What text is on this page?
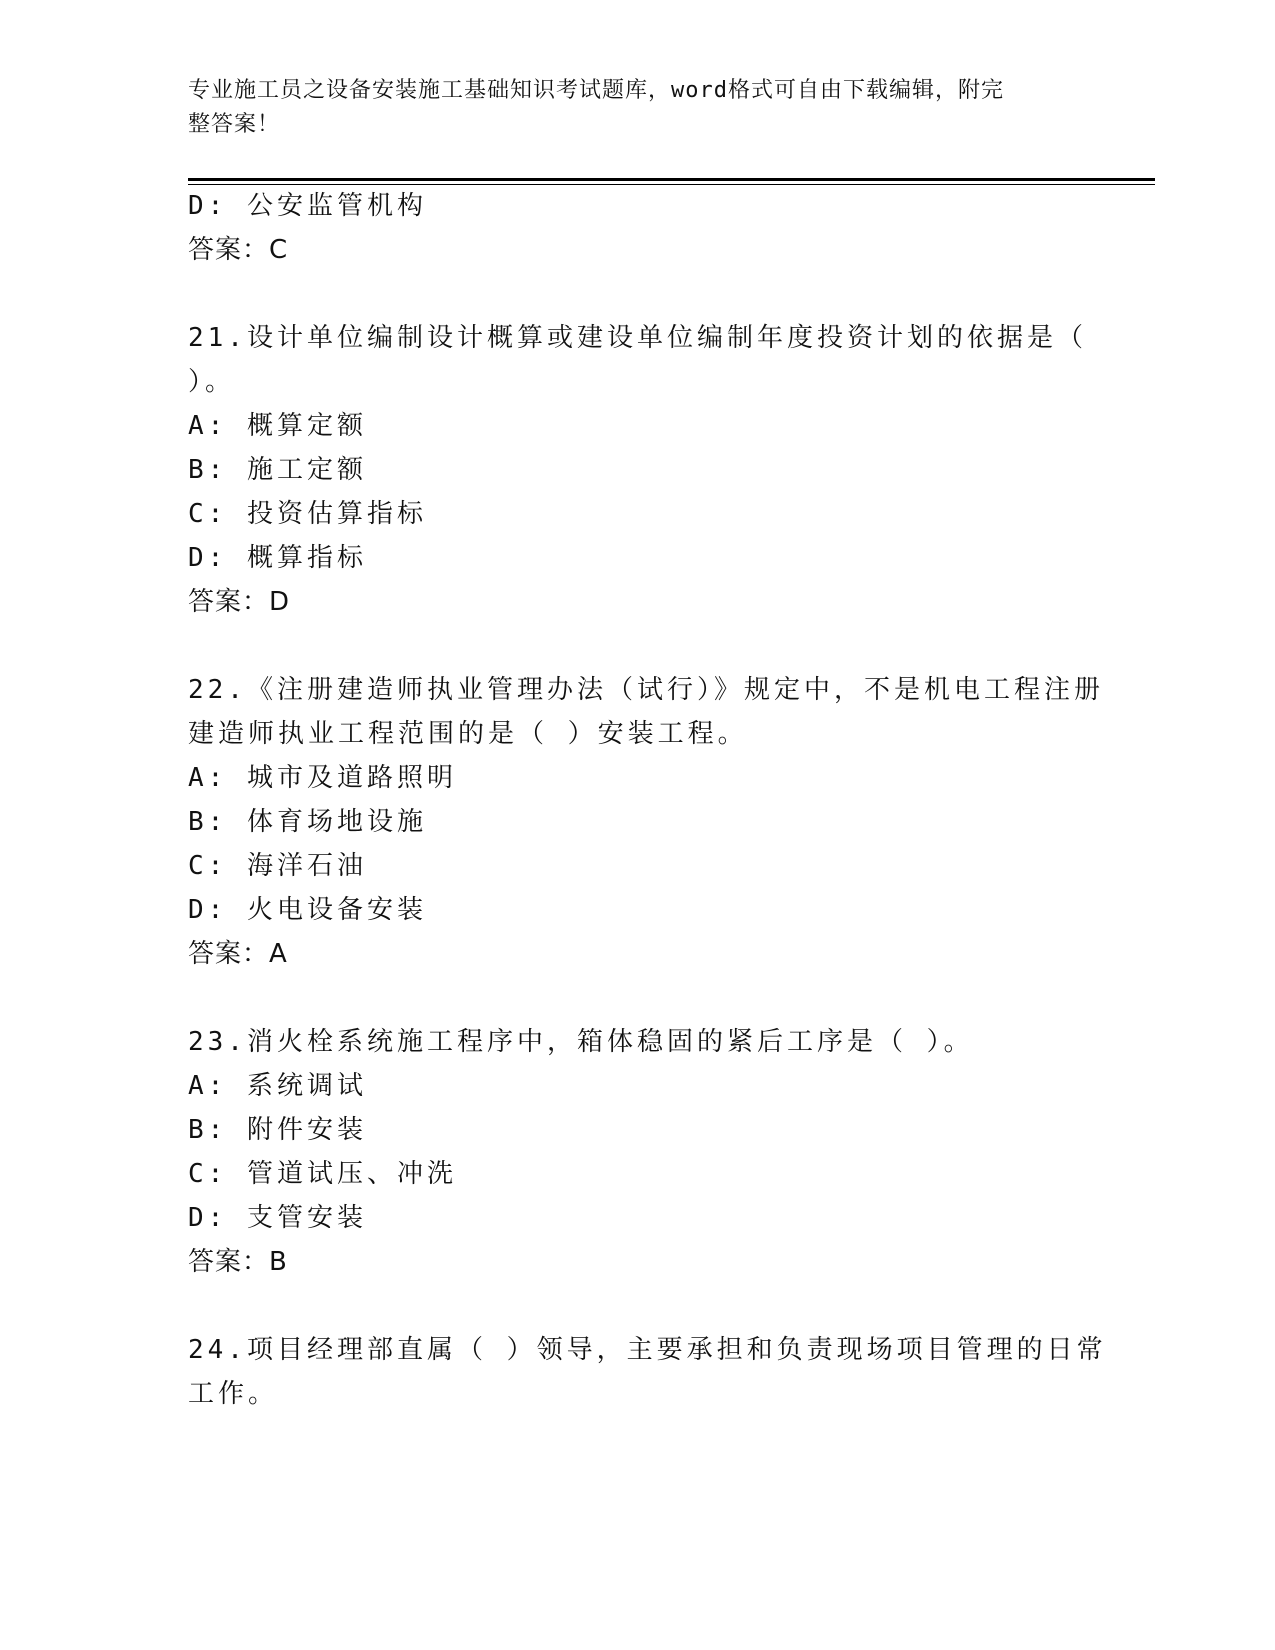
专业施工员之设备安装施工基础知识考试题库，word格式可自由下载编辑，附完
整答案！
D: 公安监管机构
答案：C
21.设计单位编制设计概算或建设单位编制年度投资计划的依据是（
）。
A: 概算定额
B: 施工定额
C: 投资估算指标
D: 概算指标
答案：D
22.《注册建造师执业管理办法（试行）》规定中，不是机电工程注册
建造师执业工程范围的是（ ）安装工程。
A: 城市及道路照明
B: 体育场地设施
C: 海洋石油
D: 火电设备安装
答案：A
23.消火栓系统施工程序中，箱体稳固的紧后工序是（ ）。
A: 系统调试
B: 附件安装
C: 管道试压、冲洗
D: 支管安装
答案：B
24.项目经理部直属（ ）领导，主要承担和负责现场项目管理的日常
工作。
